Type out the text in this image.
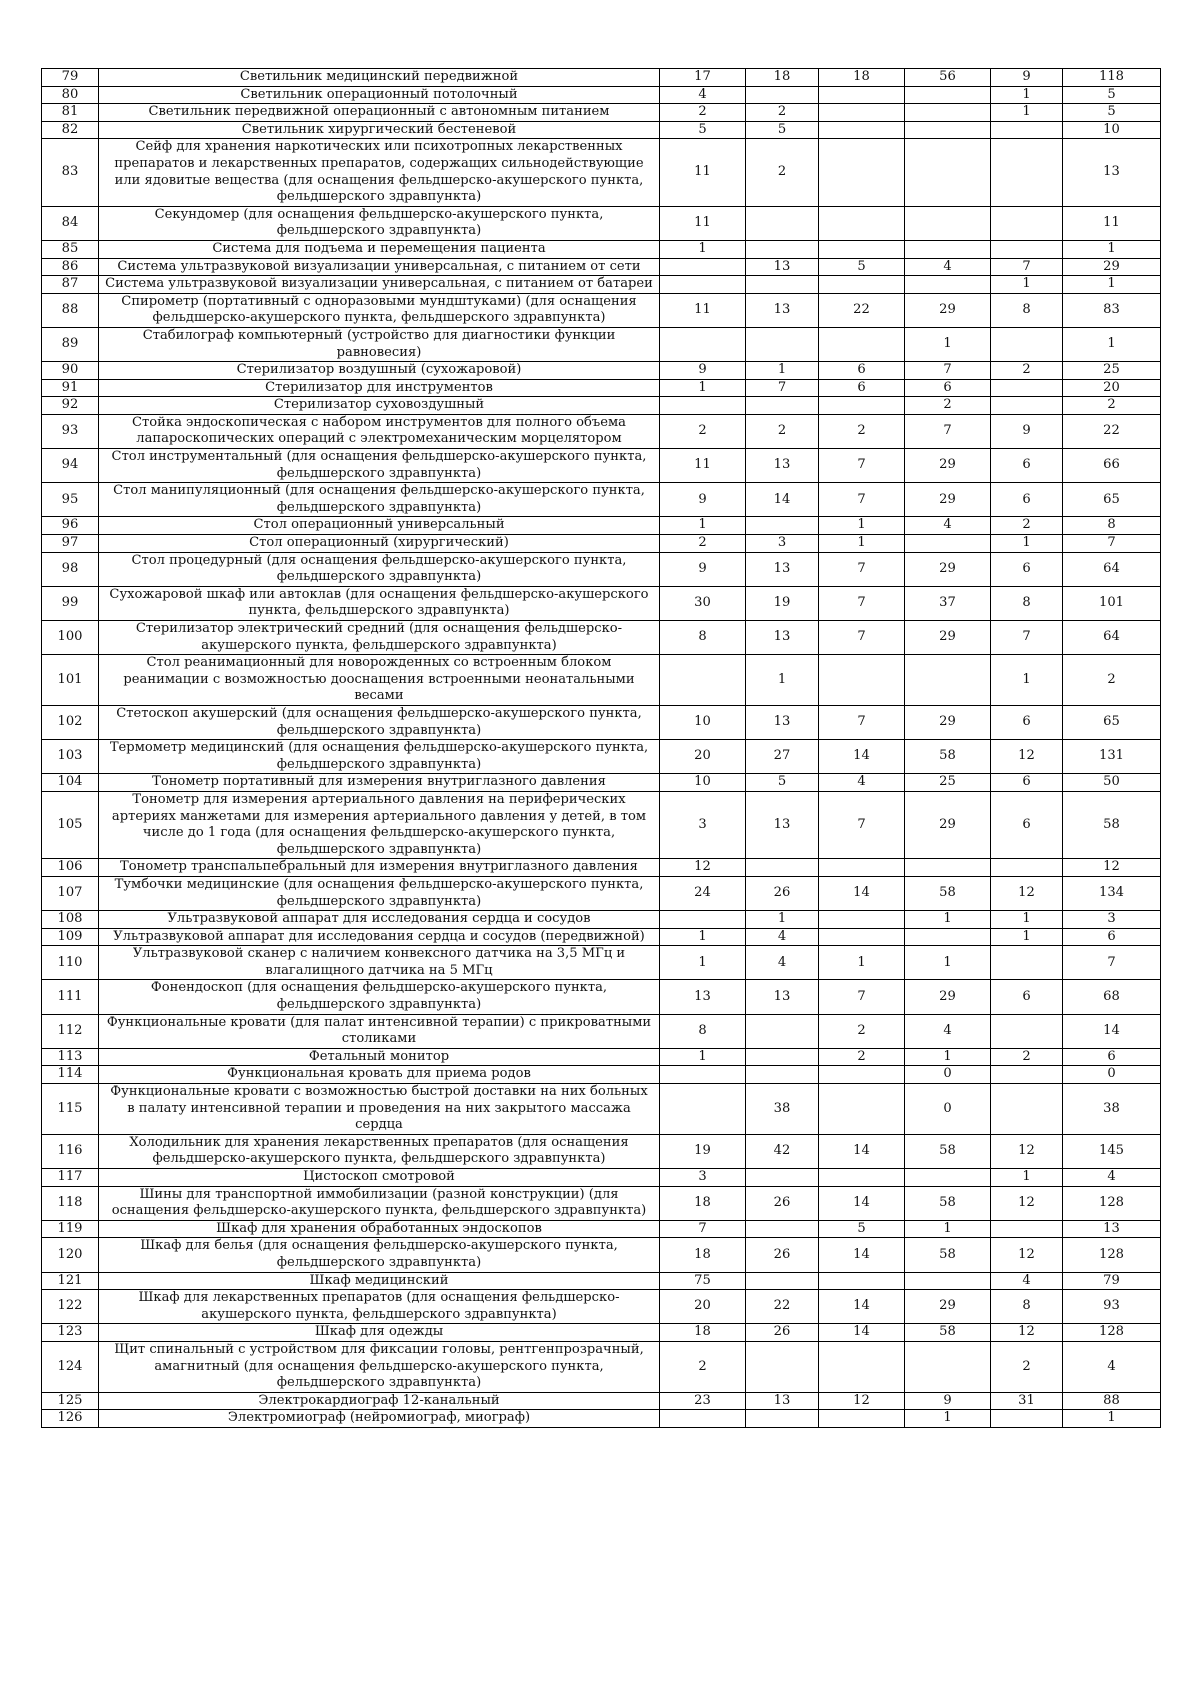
79	Светильник медицинский передвижной	17	18	18	56	9	118
80	Светильник операционный потолочный	4				1	5
81	Светильник передвижной операционный с автономным питанием	2	2			1	5
82	Светильник хирургический бестеневой	5	5				10
83	Сейф для хранения наркотических или психотропных лекарственных препаратов и лекарственных препаратов, содержащих сильнодействующие или ядовитые вещества (для оснащения фельдшерско-акушерского пункта, фельдшерского здравпункта)	11	2				13
84	Секундомер (для оснащения фельдшерско-акушерского пункта, фельдшерского здравпункта)	11					11
85	Система для подъема и перемещения пациента	1					1
86	Система ультразвуковой визуализации универсальная, с питанием от сети		13	5	4	7	29
87	Система ультразвуковой визуализации универсальная, с питанием от батареи					1	1
88	Спирометр (портативный с одноразовыми мундштуками) (для оснащения фельдшерско-акушерского пункта, фельдшерского здравпункта)	11	13	22	29	8	83
89	Стабилограф компьютерный (устройство для диагностики функции равновесия)				1		1
90	Стерилизатор воздушный (сухожаровой)	9	1	6	7	2	25
91	Стерилизатор для инструментов	1	7	6	6		20
92	Стерилизатор суховоздушный				2		2
93	Стойка эндоскопическая с набором инструментов для полного объема лапароскопических операций с электромеханическим морцелятором	2	2	2	7	9	22
94	Стол инструментальный (для оснащения фельдшерско-акушерского пункта, фельдшерского здравпункта)	11	13	7	29	6	66
95	Стол манипуляционный (для оснащения фельдшерско-акушерского пункта, фельдшерского здравпункта)	9	14	7	29	6	65
96	Стол операционный универсальный	1		1	4	2	8
97	Стол операционный (хирургический)	2	3	1		1	7
98	Стол процедурный (для оснащения фельдшерско-акушерского пункта, фельдшерского здравпункта)	9	13	7	29	6	64
99	Сухожаровой шкаф или автоклав (для оснащения фельдшерско-акушерского пункта, фельдшерского здравпункта)	30	19	7	37	8	101
100	Стерилизатор электрический средний (для оснащения фельдшерско-акушерского пункта, фельдшерского здравпункта)	8	13	7	29	7	64
101	Стол реанимационный для новорожденных со встроенным блоком реанимации с возможностью дооснащения встроенными неонатальными весами		1			1	2
102	Стетоскоп акушерский (для оснащения фельдшерско-акушерского пункта, фельдшерского здравпункта)	10	13	7	29	6	65
103	Термометр медицинский (для оснащения фельдшерско-акушерского пункта, фельдшерского здравпункта)	20	27	14	58	12	131
104	Тонометр портативный для измерения внутриглазного давления	10	5	4	25	6	50
105	Тонометр для измерения артериального давления на периферических артериях манжетами для измерения артериального давления у детей, в том числе до 1 года (для оснащения фельдшерско-акушерского пункта, фельдшерского здравпункта)	3	13	7	29	6	58
106	Тонометр транспальпебральный для измерения внутриглазного давления	12					12
107	Тумбочки медицинские (для оснащения фельдшерско-акушерского пункта, фельдшерского здравпункта)	24	26	14	58	12	134
108	Ультразвуковой аппарат для исследования сердца и сосудов		1		1	1	3
109	Ультразвуковой аппарат для исследования сердца и сосудов (передвижной)	1	4			1	6
110	Ультразвуковой сканер с наличием конвексного датчика на 3,5 МГц и влагалищного датчика на 5 МГц	1	4	1	1		7
111	Фонендоскоп (для оснащения фельдшерско-акушерского пункта, фельдшерского здравпункта)	13	13	7	29	6	68
112	Функциональные кровати (для палат интенсивной терапии) с прикроватными столиками	8		2	4		14
113	Фетальный монитор	1		2	1	2	6
114	Функциональная кровать для приема родов				0		0
115	Функциональные кровати с возможностью быстрой доставки на них больных в палату интенсивной терапии и проведения на них закрытого массажа сердца		38		0		38
116	Холодильник для хранения лекарственных препаратов (для оснащения фельдшерско-акушерского пункта, фельдшерского здравпункта)	19	42	14	58	12	145
117	Цистоскоп смотровой	3				1	4
118	Шины для транспортной иммобилизации (разной конструкции) (для оснащения фельдшерско-акушерского пункта, фельдшерского здравпункта)	18	26	14	58	12	128
119	Шкаф для хранения обработанных эндоскопов	7		5	1		13
120	Шкаф для белья (для оснащения фельдшерско-акушерского пункта, фельдшерского здравпункта)	18	26	14	58	12	128
121	Шкаф медицинский	75				4	79
122	Шкаф для лекарственных препаратов (для оснащения фельдшерско-акушерского пункта, фельдшерского здравпункта)	20	22	14	29	8	93
123	Шкаф для одежды	18	26	14	58	12	128
124	Щит спинальный с устройством для фиксации головы, рентгенпрозрачный, амагнитный (для оснащения фельдшерско-акушерского пункта, фельдшерского здравпункта)	2				2	4
125	Электрокардиограф 12-канальный	23	13	12	9	31	88
126	Электромиограф (нейромиограф, миограф)				1		1
